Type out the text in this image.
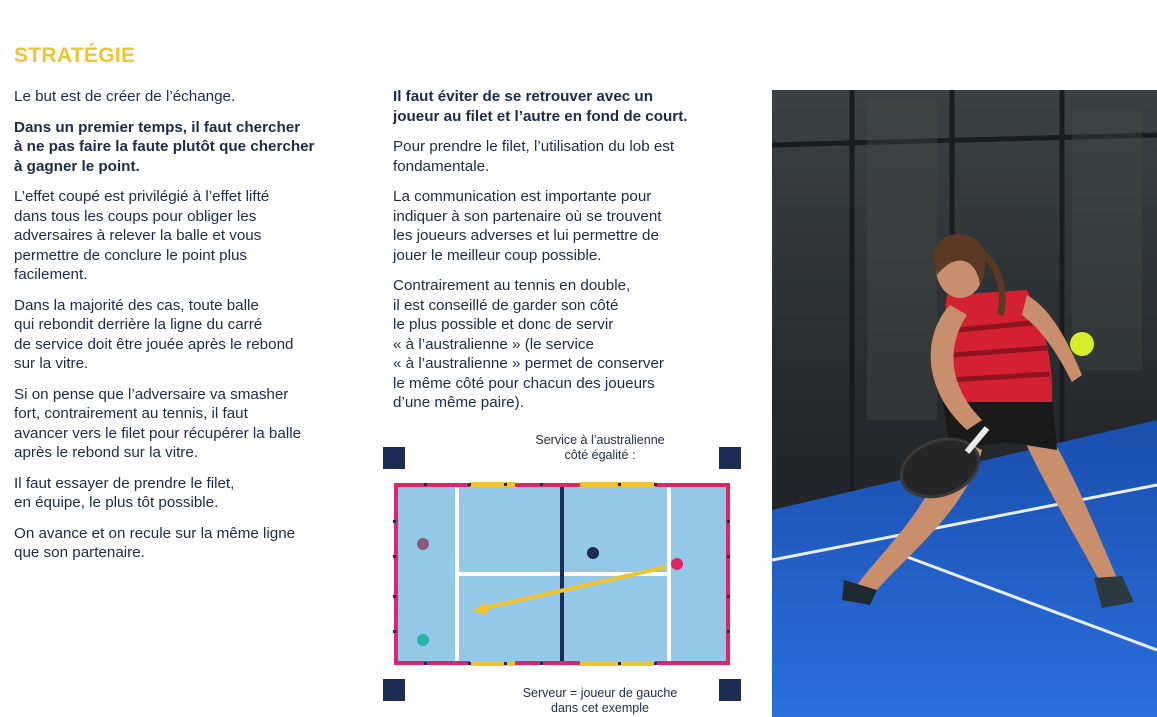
STRATÉGIE

Le but est de créer de l’échange.

Dans un premier temps, il faut chercher
à ne pas faire la faute plutôt que chercher
à gagner le point.

L’effet coupé est privilégié à l’effet lifté
dans tous les coups pour obliger les
adversaires à relever la balle et vous
permettre de conclure le point plus
facilement.

Dans la majorité des cas, toute balle
qui rebondit derrière la ligne du carré
de service doit être jouée après le rebond
sur la vitre.

Si on pense que l’adversaire va smasher
fort, contrairement au tennis, il faut
avancer vers le filet pour récupérer la balle
après le rebond sur la vitre.

Il faut essayer de prendre le filet,
en équipe, le plus tôt possible.

On avance et on recule sur la même ligne
que son partenaire.

Il faut éviter de se retrouver avec un
joueur au filet et l’autre en fond de court.

Pour prendre le filet, l’utilisation du lob est
fondamentale.

La communication est importante pour
indiquer à son partenaire où se trouvent
les joueurs adverses et lui permettre de
jouer le meilleur coup possible.

Contrairement au tennis en double,
il est conseillé de garder son côté
le plus possible et donc de servir
« à l’australienne » (le service
« à l’australienne » permet de conserver
le même côté pour chacun des joueurs
d’une même paire).

Service à l’australienne
côté égalité :
Serveur = joueur de gauche
dans cet exemple
